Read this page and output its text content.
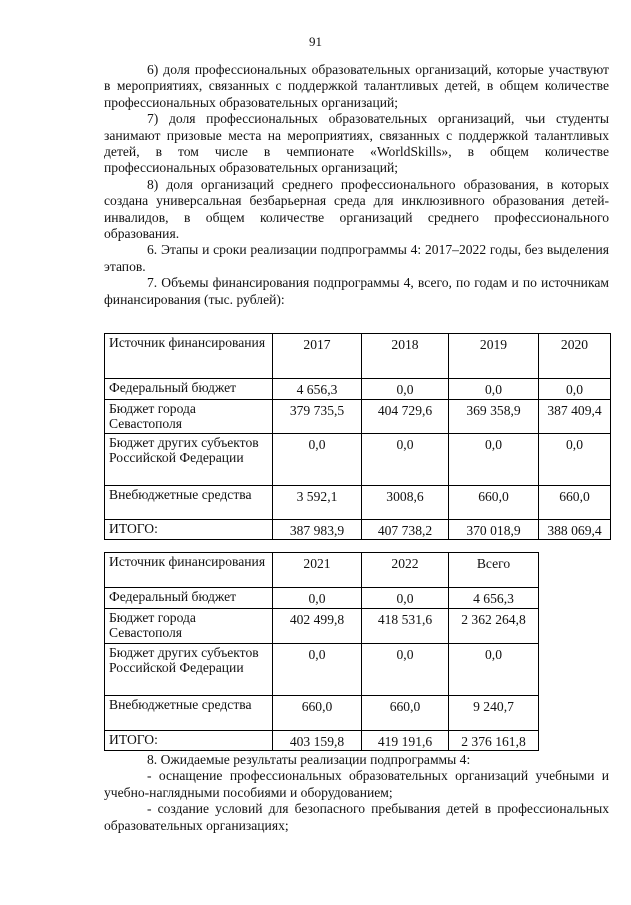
91

6) доля профессиональных образовательных организаций, которые участвуют в мероприятиях, связанных с поддержкой талантливых детей, в общем количестве профессиональных образовательных организаций;

7) доля профессиональных образовательных организаций, чьи студенты занимают призовые места на мероприятиях, связанных с поддержкой талантливых детей, в том числе в чемпионате «WorldSkills», в общем количестве профессиональных образовательных организаций;

8) доля организаций среднего профессионального образования, в которых создана универсальная безбарьерная среда для инклюзивного образования детей-инвалидов, в общем количестве организаций среднего профессионального образования.

6. Этапы и сроки реализации подпрограммы 4: 2017–2022 годы, без выделения этапов.

7. Объемы финансирования подпрограммы 4, всего, по годам и по источникам финансирования (тыс. рублей):

Источник финансирования	2017	2018	2019	2020
Федеральный бюджет	4 656,3	0,0	0,0	0,0
Бюджет города Севастополя	379 735,5	404 729,6	369 358,9	387 409,4
Бюджет других субъектов Российской Федерации	0,0	0,0	0,0	0,0
Внебюджетные средства	3 592,1	3008,6	660,0	660,0
ИТОГО:	387 983,9	407 738,2	370 018,9	388 069,4
Источник финансирования	2021	2022	Всего
Федеральный бюджет	0,0	0,0	4 656,3
Бюджет города Севастополя	402 499,8	418 531,6	2 362 264,8
Бюджет других субъектов Российской Федерации	0,0	0,0	0,0
Внебюджетные средства	660,0	660,0	9 240,7
ИТОГО:	403 159,8	419 191,6	2 376 161,8

8. Ожидаемые результаты реализации подпрограммы 4:

- оснащение профессиональных образовательных организаций учебными и учебно-наглядными пособиями и оборудованием;

- создание условий для безопасного пребывания детей в профессиональных образовательных организациях;
